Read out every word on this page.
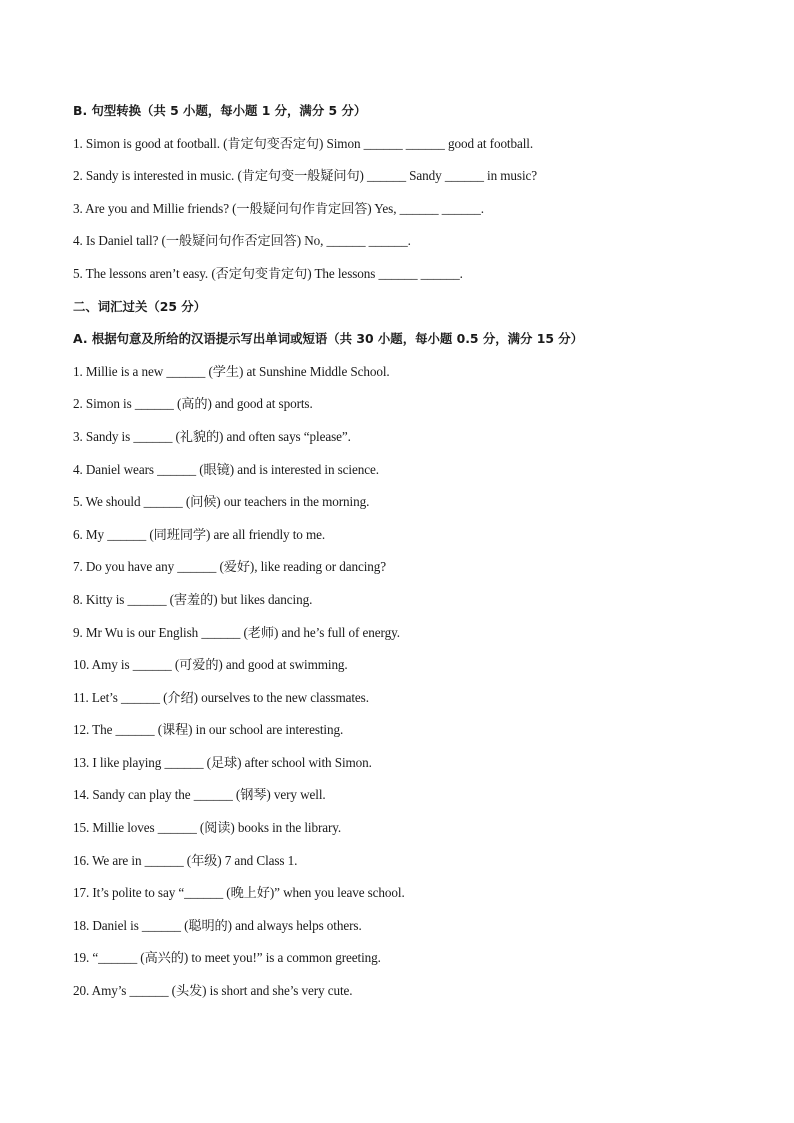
B. 句型转换（共 5 小题，每小题 1 分，满分 5 分）
1. Simon is good at football. (肯定句变否定句) Simon ______ ______ good at football.
2. Sandy is interested in music. (肯定句变一般疑问句) ______ Sandy ______ in music?
3. Are you and Millie friends? (一般疑问句作肯定回答) Yes, ______ ______.
4. Is Daniel tall? (一般疑问句作否定回答) No, ______ ______.
5. The lessons aren’t easy. (否定句变肯定句) The lessons ______ ______.
二、词汇过关（25 分）
A. 根据句意及所给的汉语提示写出单词或短语（共 30 小题，每小题 0.5 分，满分 15 分）
1. Millie is a new ______ (学生) at Sunshine Middle School.
2. Simon is ______ (高的) and good at sports.
3. Sandy is ______ (礼貌的) and often says “please”.
4. Daniel wears ______ (眼镜) and is interested in science.
5. We should ______ (问候) our teachers in the morning.
6. My ______ (同班同学) are all friendly to me.
7. Do you have any ______ (爱好), like reading or dancing?
8. Kitty is ______ (害羞的) but likes dancing.
9. Mr Wu is our English ______ (老师) and he’s full of energy.
10. Amy is ______ (可爱的) and good at swimming.
11. Let’s ______ (介绍) ourselves to the new classmates.
12. The ______ (课程) in our school are interesting.
13. I like playing ______ (足球) after school with Simon.
14. Sandy can play the ______ (钢琴) very well.
15. Millie loves ______ (阅读) books in the library.
16. We are in ______ (年级) 7 and Class 1.
17. It’s polite to say “______ (晚上好)” when you leave school.
18. Daniel is ______ (聪明的) and always helps others.
19. “______ (高兴的) to meet you!” is a common greeting.
20. Amy’s ______ (头发) is short and she’s very cute.
